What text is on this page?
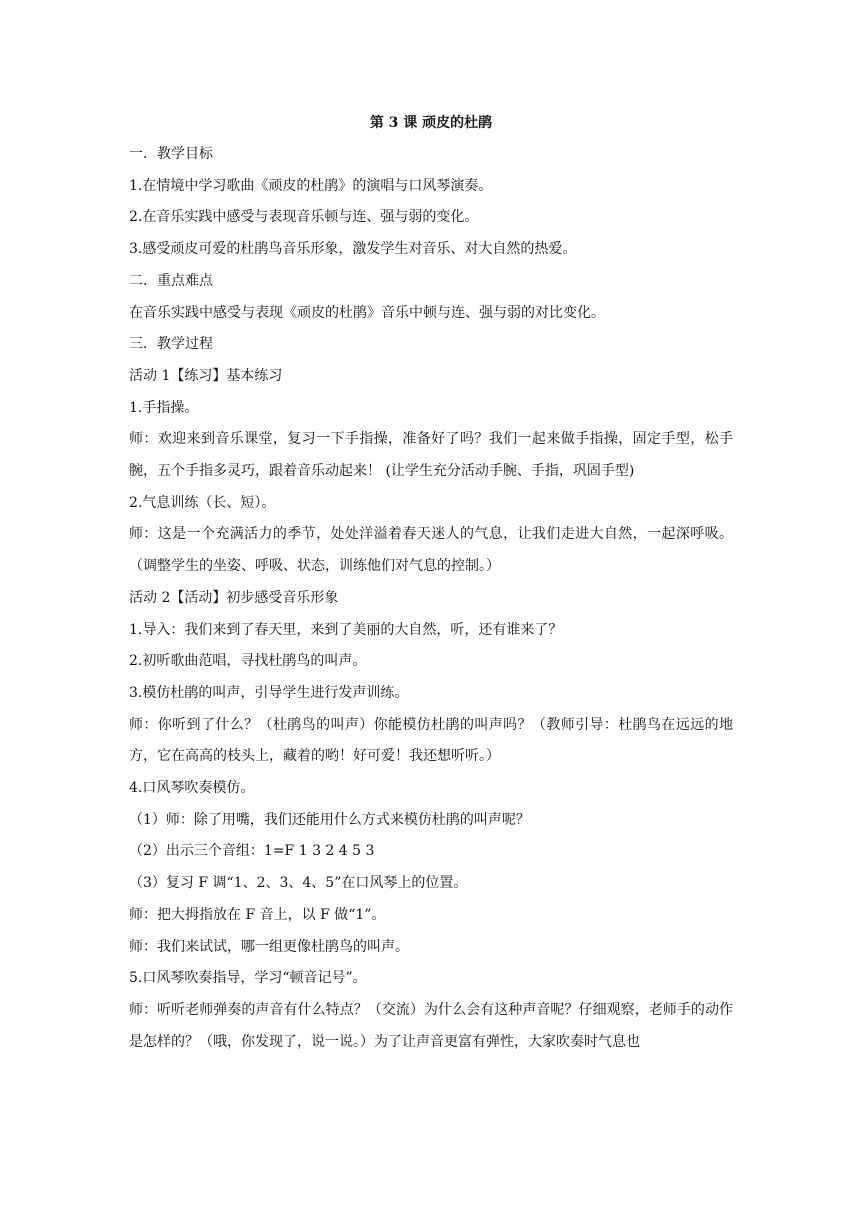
第 3 课 顽皮的杜鹃

一．教学目标

1.在情境中学习歌曲《顽皮的杜鹃》的演唱与口风琴演奏。

2.在音乐实践中感受与表现音乐顿与连、强与弱的变化。

3.感受顽皮可爱的杜鹃鸟音乐形象，激发学生对音乐、对大自然的热爱。

二．重点难点

在音乐实践中感受与表现《顽皮的杜鹃》音乐中顿与连、强与弱的对比变化。

三．教学过程

活动 1【练习】基本练习

1.手指操。

师：欢迎来到音乐课堂，复习一下手指操，准备好了吗？我们一起来做手指操，固定手型，松手腕，五个手指多灵巧，跟着音乐动起来！ (让学生充分活动手腕、手指，巩固手型)

2.气息训练（长、短）。

师：这是一个充满活力的季节，处处洋溢着春天迷人的气息，让我们走进大自然，一起深呼吸。（调整学生的坐姿、呼吸、状态，训练他们对气息的控制。）

活动 2【活动】初步感受音乐形象

1.导入：我们来到了春天里，来到了美丽的大自然，听，还有谁来了？

2.初听歌曲范唱，寻找杜鹃鸟的叫声。

3.模仿杜鹃的叫声，引导学生进行发声训练。

师：你听到了什么？（杜鹃鸟的叫声）你能模仿杜鹃的叫声吗？（教师引导：杜鹃鸟在远远的地方，它在高高的枝头上，藏着的哟！好可爱！我还想听听。）

4.口风琴吹奏模仿。

（1）师：除了用嘴，我们还能用什么方式来模仿杜鹃的叫声呢？

（2）出示三个音组：1=F 1 3 2 4 5 3

（3）复习 F 调“1、2、3、4、5”在口风琴上的位置。

师：把大拇指放在 F 音上，以 F 做“1”。

师：我们来试试，哪一组更像杜鹃鸟的叫声。

5.口风琴吹奏指导，学习“顿音记号”。

师：听听老师弹奏的声音有什么特点？（交流）为什么会有这种声音呢？仔细观察，老师手的动作是怎样的？（哦，你发现了，说一说。）为了让声音更富有弹性，大家吹奏时气息也
